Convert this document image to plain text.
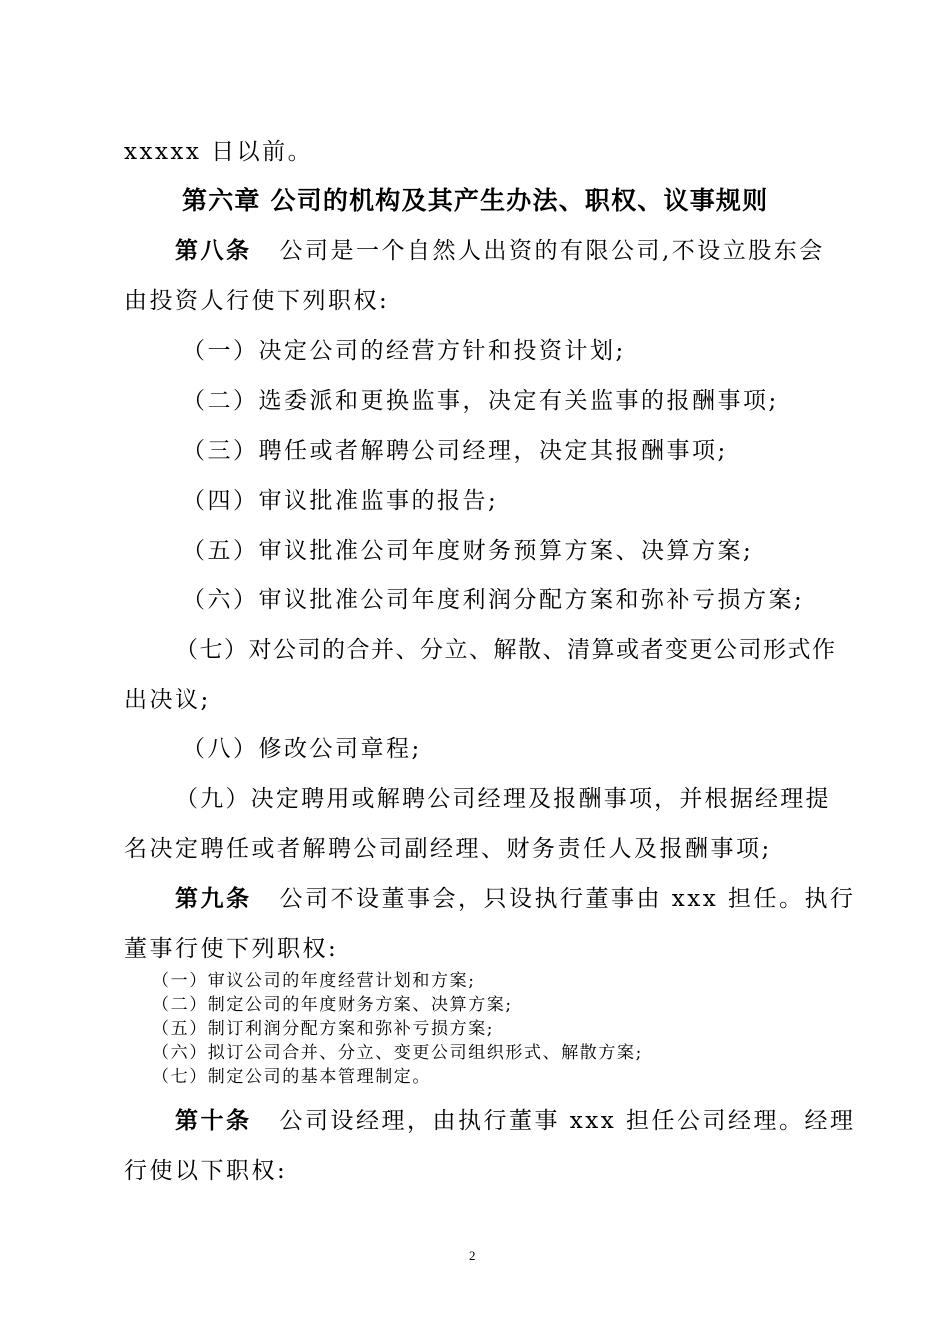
xxxxx 日以前。
第六章 公司的机构及其产生办法、职权、议事规则
第八条 公司是一个自然人出资的有限公司,不设立股东会
由投资人行使下列职权:
（一）决定公司的经营方针和投资计划;
（二）选委派和更换监事，决定有关监事的报酬事项;
（三）聘任或者解聘公司经理，决定其报酬事项;
（四）审议批准监事的报告;
（五）审议批准公司年度财务预算方案、决算方案;
（六）审议批准公司年度利润分配方案和弥补亏损方案;
（七）对公司的合并、分立、解散、清算或者变更公司形式作
出决议;
（八）修改公司章程;
（九）决定聘用或解聘公司经理及报酬事项，并根据经理提
名决定聘任或者解聘公司副经理、财务责任人及报酬事项;
第九条 公司不设董事会，只设执行董事由 xxx 担任。执行
董事行使下列职权:
（一）审议公司的年度经营计划和方案;
（二）制定公司的年度财务方案、决算方案;
（五）制订利润分配方案和弥补亏损方案;
（六）拟订公司合并、分立、变更公司组织形式、解散方案;
（七）制定公司的基本管理制定。
第十条 公司设经理，由执行董事 xxx 担任公司经理。经理
行使以下职权:
2
